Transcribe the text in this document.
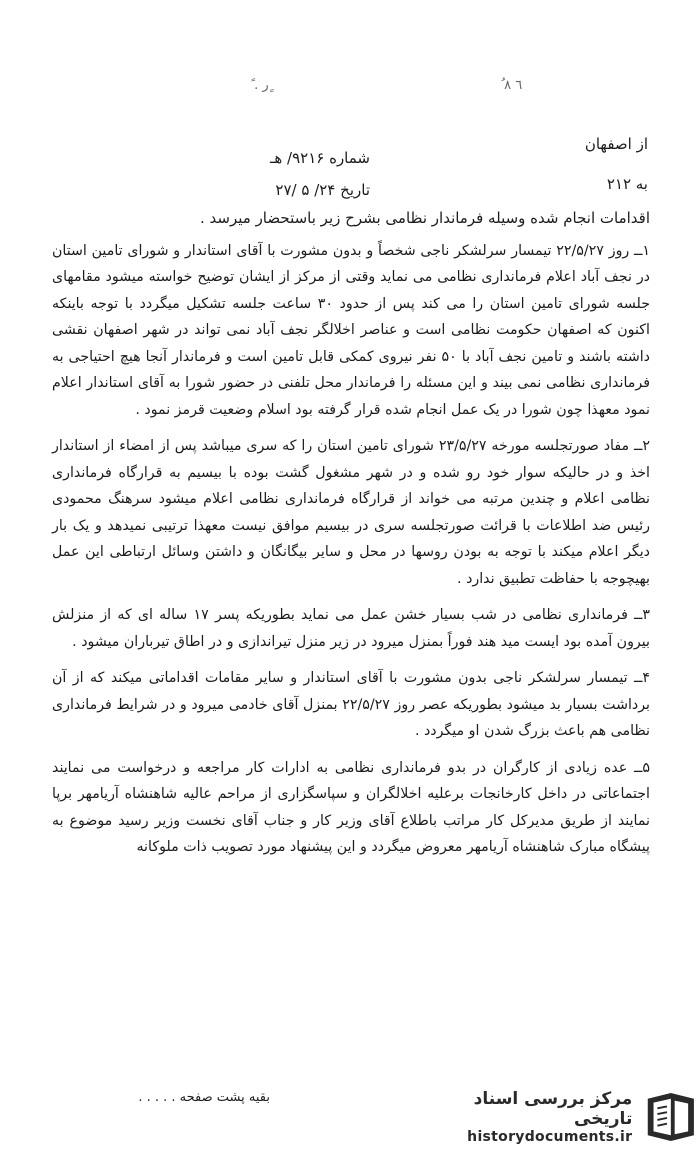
ً . ر ٍ	ُ ٦ ٨
از اصفهان
به ۲۱۲
شماره ۹۲۱۶/ هـ
تاریخ ۲۴/ ۵ /۲۷

اقدامات انجام شده وسیله فرماندار نظامی بشرح زیر باستحضار میرسد .

۱ــ روز ۲۲/۵/۲۷ تیمسار سرلشکر ناجی شخصاً و بدون مشورت با آقای استاندار و شورای تامین استان در نجف آباد اعلام فرمانداری نظامی می نماید وقتی از مرکز از ایشان توضیح خواسته میشود مقامهای جلسه شورای تامین استان را می کند پس از حدود ۳۰ ساعت جلسه تشکیل میگردد با توجه باینکه اکنون که اصفهان حکومت نظامی است و عناصر اخلالگر نجف آباد نمی تواند در شهر اصفهان نقشی داشته باشند و تامین نجف آباد با ۵۰ نفر نیروی کمکی قابل تامین است و فرماندار آنجا هیچ احتیاجی به فرمانداری نظامی نمی بیند و این مسئله را فرماندار محل تلفنی در حضور شورا به آقای استاندار اعلام نمود معهذا چون شورا در یک عمل انجام شده قرار گرفته بود اسلام وضعیت قرمز نمود .

۲ــ مفاد صورتجلسه مورخه ۲۳/۵/۲۷ شورای تامین استان را که سری میباشد پس از امضاء از استاندار اخذ و در حالیکه سوار خود رو شده و در شهر مشغول گشت بوده با بیسیم به قرارگاه فرمانداری نظامی اعلام و چندین مرتبه می خواند از قرارگاه فرمانداری نظامی اعلام میشود سرهنگ محمودی رئیس ضد اطلاعات با قرائت صورتجلسه سری در بیسیم موافق نیست معهذا ترتیبی نمیدهد و یک بار دیگر اعلام میکند با توجه به بودن روسها در محل و سایر بیگانگان و داشتن وسائل ارتباطی این عمل بهیچوجه با حفاظت تطبیق ندارد .

۳ــ فرمانداری نظامی در شب بسیار خشن عمل می نماید بطوریکه پسر ۱۷ ساله ای که از منزلش بیرون آمده بود ایست مید هند فوراً بمنزل میرود در زیر منزل تیراندازی و در اطاق تیرباران میشود .

۴ــ تیمسار سرلشکر ناجی بدون مشورت با آقای استاندار و سایر مقامات اقداماتی میکند که از آن برداشت بسیار بد میشود بطوریکه عصر روز ۲۲/۵/۲۷ بمنزل آقای خادمی میرود و در شرایط فرمانداری نظامی هم باعث بزرگ شدن او میگردد .

۵ــ عده زیادی از کارگران در بدو فرمانداری نظامی به ادارات کار مراجعه و درخواست می نمایند اجتماعاتی در داخل کارخانجات برعلیه اخلالگران و سپاسگزاری از مراحم عالیه شاهنشاه آریامهر برپا نمایند از طریق مدیرکل کار مراتب باطلاع آقای وزیر کار و جناب آقای نخست وزیر رسید موضوع به پیشگاه مبارک شاهنشاه آریامهر معروض میگردد و این پیشنهاد مورد تصویب ذات ملوکانه

بقیه پشت صفحه . . . . .	مرکز بررسی اسناد تاریخی
historydocuments.ir
